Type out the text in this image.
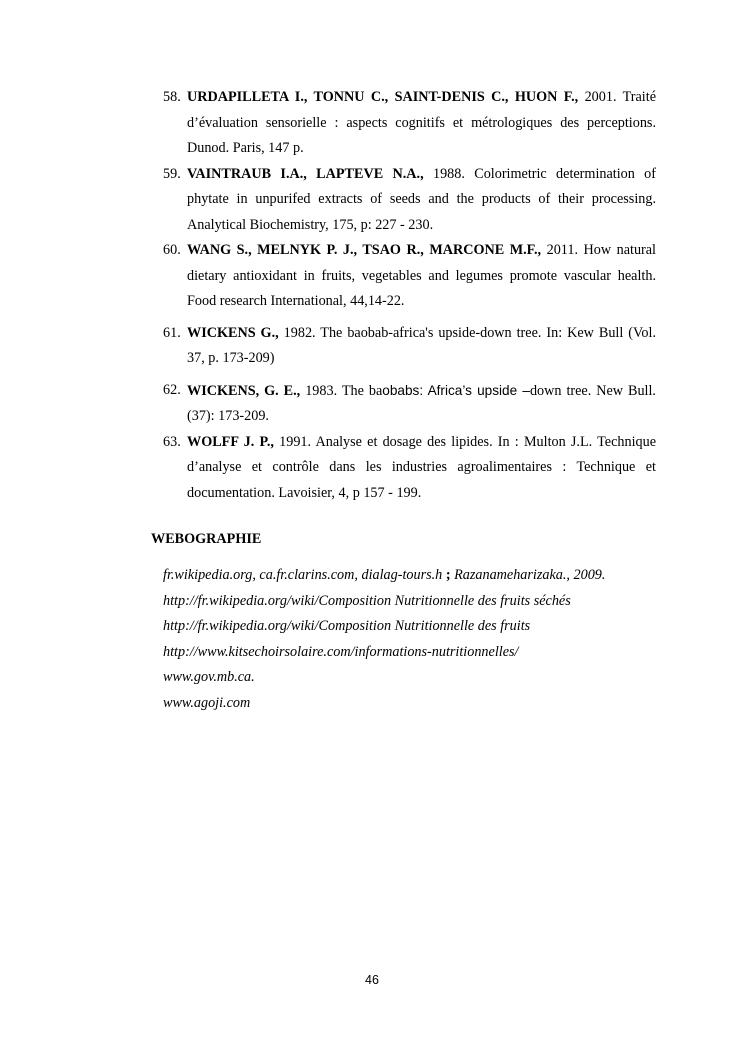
58. URDAPILLETA I., TONNU C., SAINT-DENIS C., HUON F., 2001. Traité d’évaluation sensorielle : aspects cognitifs et métrologiques des perceptions. Dunod. Paris, 147 p.
59. VAINTRAUB I.A., LAPTEVE N.A., 1988. Colorimetric determination of phytate in unpurifed extracts of seeds and the products of their processing. Analytical Biochemistry, 175, p: 227 - 230.
60. WANG S., MELNYK P. J., TSAO R., MARCONE M.F., 2011. How natural dietary antioxidant in fruits, vegetables and legumes promote vascular health. Food research International, 44,14-22.
61. WICKENS G., 1982. The baobab-africa's upside-down tree. In: Kew Bull (Vol. 37, p. 173-209)
62. WICKENS, G. E., 1983. The baobabs: Africa’s upside –down tree. New Bull. (37): 173-209.
63. WOLFF J. P., 1991. Analyse et dosage des lipides. In : Multon J.L. Technique d’analyse et contrôle dans les industries agroalimentaires : Technique et documentation. Lavoisier, 4, p 157 - 199.
WEBOGRAPHIE
fr.wikipedia.org, ca.fr.clarins.com, dialag-tours.h ; Razanameharizaka., 2009.
http://fr.wikipedia.org/wiki/Composition Nutritionnelle des fruits séchés
http://fr.wikipedia.org/wiki/Composition Nutritionnelle des fruits
http://www.kitsechoirsolaire.com/informations-nutritionnelles/
www.gov.mb.ca.
www.agoji.com
46
